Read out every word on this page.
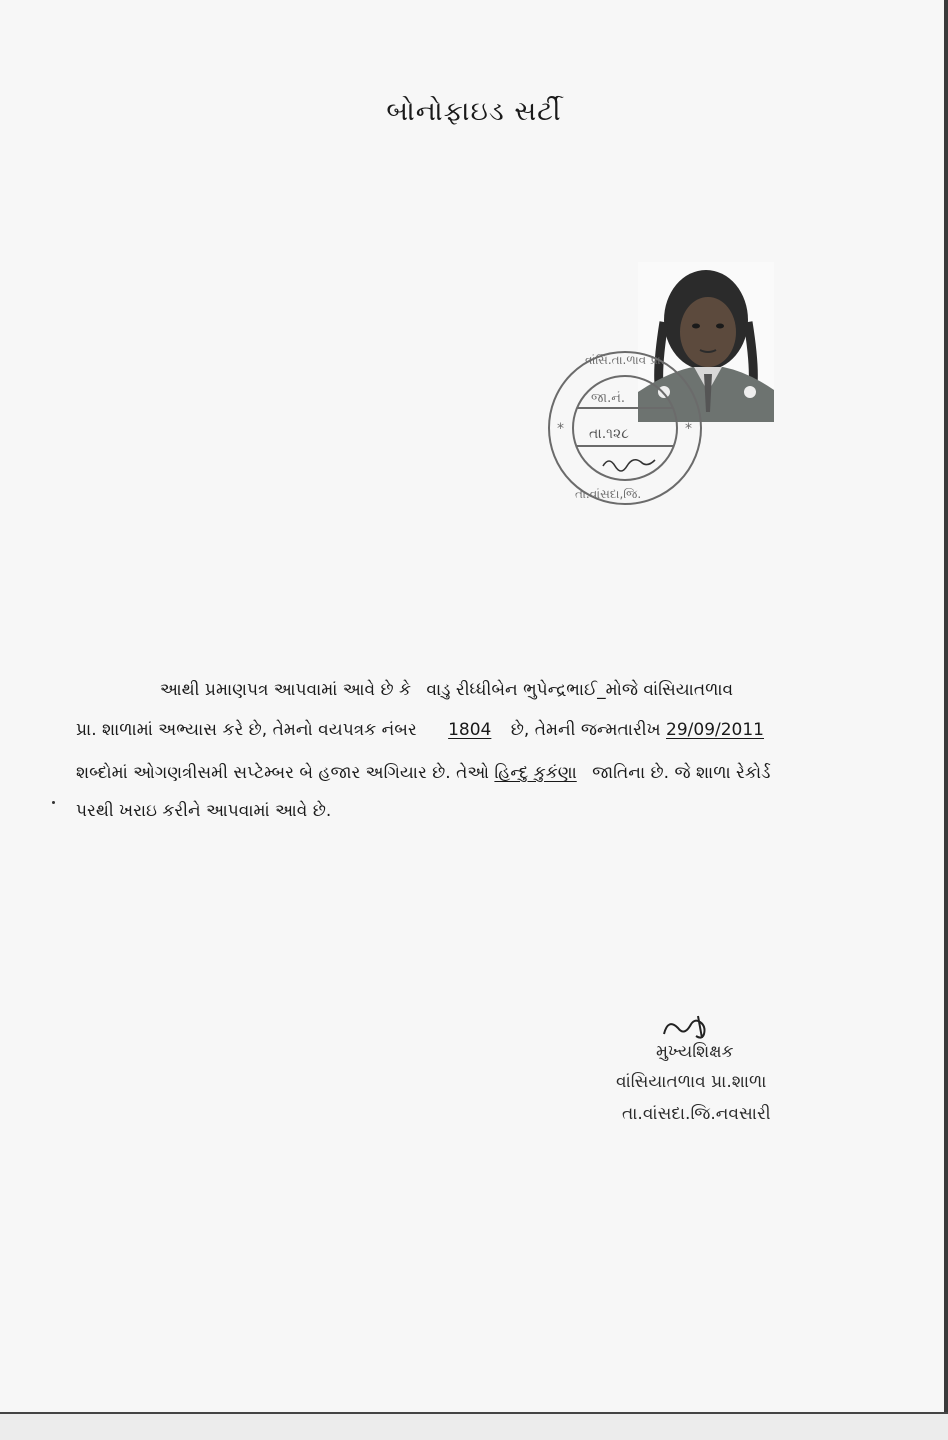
બોનોફાઇડ સર્ટી
*	*
વાંસિ.તા.ળાવ પ્રા.
જા.નં.
તા.૧૨૮
તા.વાંસદા,જિ.
આથી પ્રમાણપત્ર આપવામાં આવે છે કે વાડુ રીધ્ધીબેન ભુપેન્દ્રભાઈ_મોજે વાંસિયાતળાવ
પ્રા. શાળામાં અભ્યાસ કરે છે, તેમનો વયપત્રક નંબર 1804 છે, તેમની જન્મતારીખ 29/09/2011
શબ્દોમાં ઓગણત્રીસમી સપ્ટેમ્બર બે હજાર અગિયાર છે. તેઓ હિન્દુ કુકંણા જાતિના છે. જે શાળા રેકોર્ડ
પરથી ખરાઇ કરીને આપવામાં આવે છે.
મુખ્યશિક્ષક
વાંસિયાતળાવ પ્રા.શાળા
તા.વાંસદા.જિ.નવસારી
